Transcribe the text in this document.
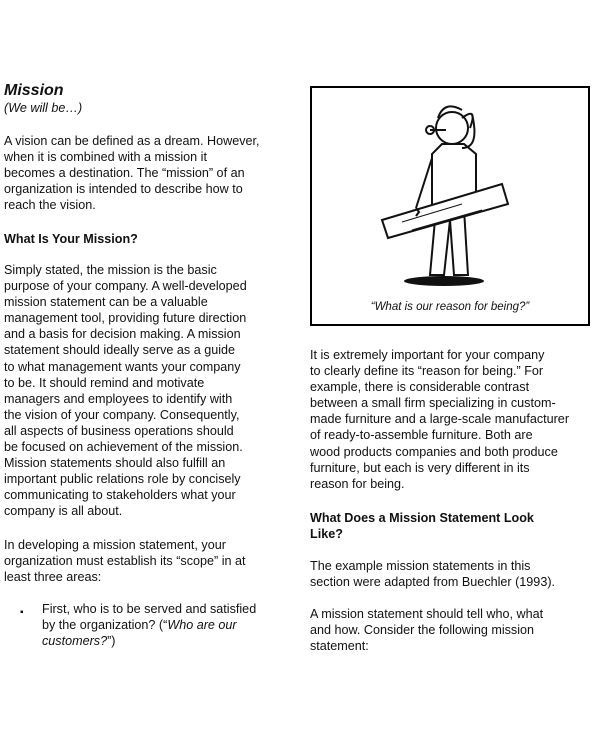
Mission
(We will be…)
A vision can be defined as a dream. However,
when it is combined with a mission it
becomes a destination. The “mission” of an
organization is intended to describe how to
reach the vision.
What Is Your Mission?
Simply stated, the mission is the basic
purpose of your company. A well-developed
mission statement can be a valuable
management tool, providing future direction
and a basis for decision making. A mission
statement should ideally serve as a guide
to what management wants your company
to be. It should remind and motivate
managers and employees to identify with
the vision of your company. Consequently,
all aspects of business operations should
be focused on achievement of the mission.
Mission statements should also fulfill an
important public relations role by concisely
communicating to stakeholders what your
company is all about.
In developing a mission statement, your
organization must establish its “scope” in at
least three areas:
▪ First, who is to be served and satisfied
by the organization? (“Who are our
customers?”)
“What is our reason for being?”
It is extremely important for your company
to clearly define its “reason for being.” For
example, there is considerable contrast
between a small firm specializing in custom-
made furniture and a large-scale manufacturer
of ready-to-assemble furniture. Both are
wood products companies and both produce
furniture, but each is very different in its
reason for being.
What Does a Mission Statement Look
Like?
The example mission statements in this
section were adapted from Buechler (1993).
A mission statement should tell who, what
and how. Consider the following mission
statement:
